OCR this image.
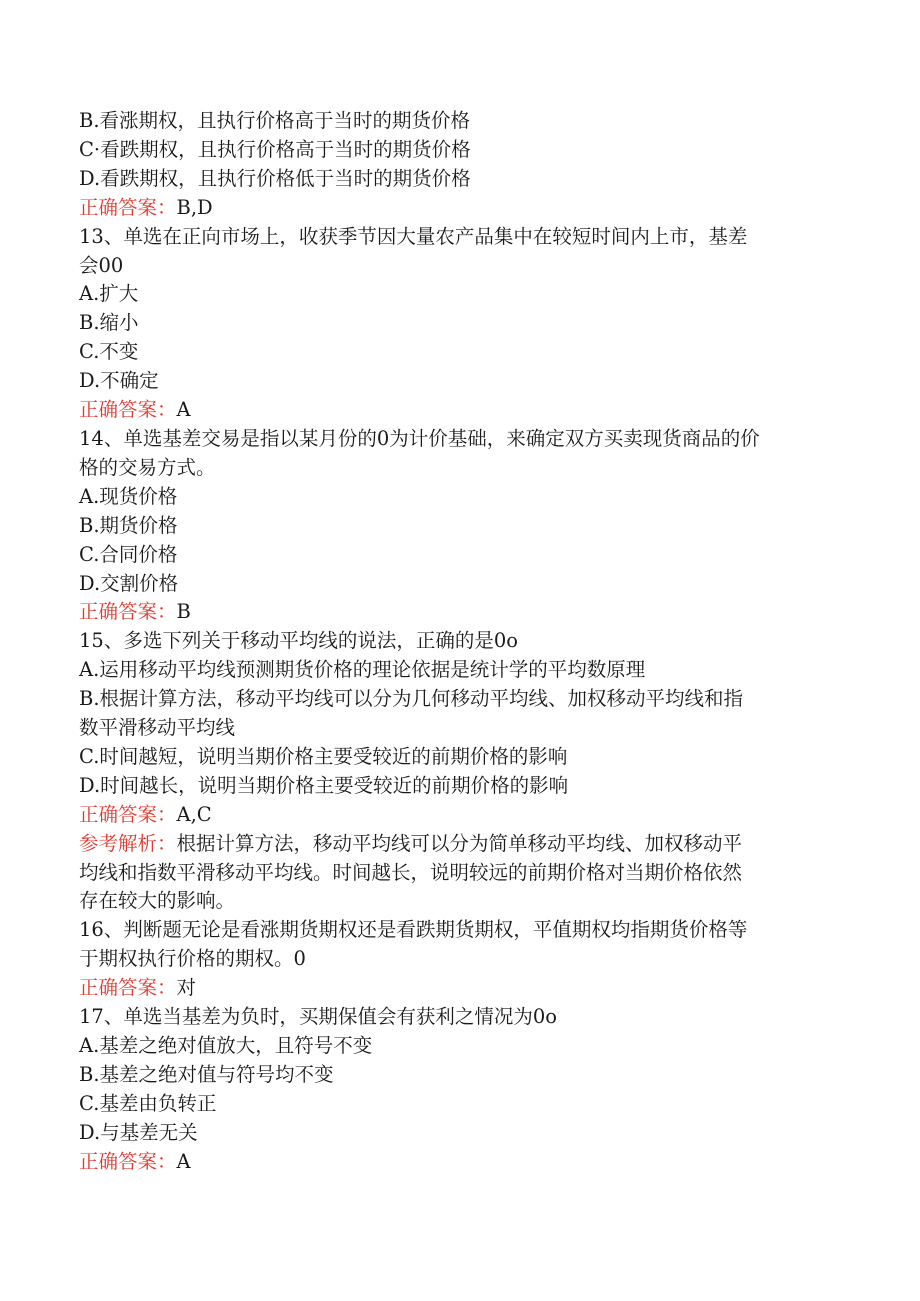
B.看涨期权，且执行价格高于当时的期货价格
C·看跌期权，且执行价格高于当时的期货价格
D.看跌期权，且执行价格低于当时的期货价格
正确答案：B,D
13、单选在正向市场上，收获季节因大量农产品集中在较短时间内上市，基差
会00
A.扩大
B.缩小
C.不变
D.不确定
正确答案：A
14、单选基差交易是指以某月份的0为计价基础，来确定双方买卖现货商品的价
格的交易方式。
A.现货价格
B.期货价格
C.合同价格
D.交割价格
正确答案：B
15、多选下列关于移动平均线的说法，正确的是0o
A.运用移动平均线预测期货价格的理论依据是统计学的平均数原理
B.根据计算方法，移动平均线可以分为几何移动平均线、加权移动平均线和指
数平滑移动平均线
C.时间越短，说明当期价格主要受较近的前期价格的影响
D.时间越长，说明当期价格主要受较近的前期价格的影响
正确答案：A,C
参考解析：根据计算方法，移动平均线可以分为简单移动平均线、加权移动平
均线和指数平滑移动平均线。时间越长，说明较远的前期价格对当期价格依然
存在较大的影响。
16、判断题无论是看涨期货期权还是看跌期货期权，平值期权均指期货价格等
于期权执行价格的期权。0
正确答案：对
17、单选当基差为负时，买期保值会有获利之情况为0o
A.基差之绝对值放大，且符号不变
B.基差之绝对值与符号均不变
C.基差由负转正
D.与基差无关
正确答案：A
